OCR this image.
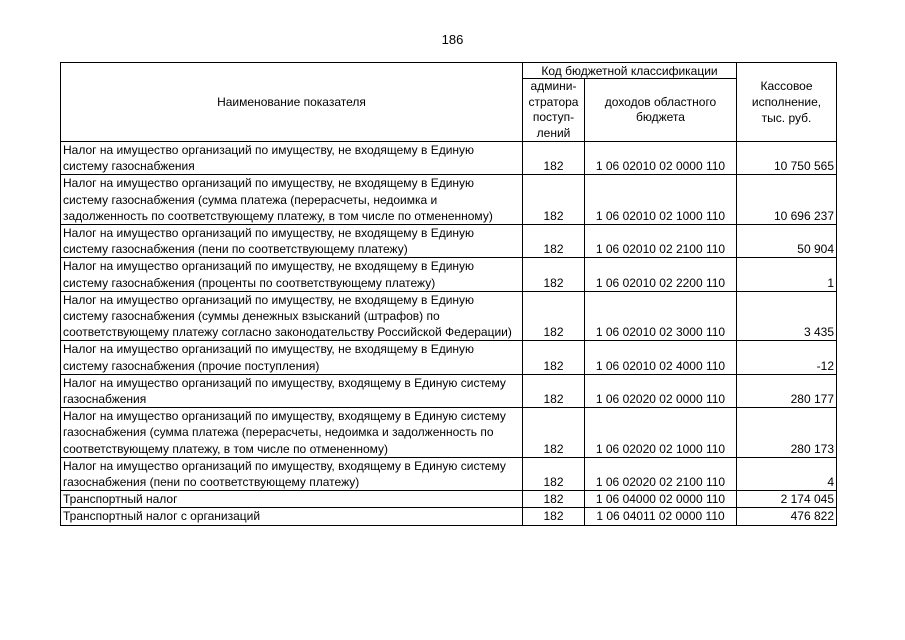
186
Наименование показателя	Код бюджетной классификации		Кассовое исполнение, тыс. руб.
	админи-стратора поступ-лений	доходов областного бюджета	
Налог на имущество организаций по имуществу, не входящему в Единую систему газоснабжения	182	1 06 02010 02 0000 110	10 750 565
Налог на имущество организаций по имуществу, не входящему в Единую систему газоснабжения (сумма платежа (перерасчеты, недоимка и задолженность по соответствующему платежу, в том числе по отмененному)	182	1 06 02010 02 1000 110	10 696 237
Налог на имущество организаций по имуществу, не входящему в Единую систему газоснабжения (пени по соответствующему платежу)	182	1 06 02010 02 2100 110	50 904
Налог на имущество организаций по имуществу, не входящему в Единую систему газоснабжения (проценты по соответствующему платежу)	182	1 06 02010 02 2200 110	1
Налог на имущество организаций по имуществу, не входящему в Единую систему газоснабжения (суммы денежных взысканий (штрафов) по соответствующему платежу согласно законодательству Российской Федерации)	182	1 06 02010 02 3000 110	3 435
Налог на имущество организаций по имуществу, не входящему в Единую систему газоснабжения (прочие поступления)	182	1 06 02010 02 4000 110	-12
Налог на имущество организаций по имуществу, входящему в Единую систему газоснабжения	182	1 06 02020 02 0000 110	280 177
Налог на имущество организаций по имуществу, входящему в Единую систему газоснабжения (сумма платежа (перерасчеты, недоимка и задолженность по соответствующему платежу, в том числе по отмененному)	182	1 06 02020 02 1000 110	280 173
Налог на имущество организаций по имуществу, входящему в Единую систему газоснабжения (пени по соответствующему платежу)	182	1 06 02020 02 2100 110	4
Транспортный налог	182	1 06 04000 02 0000 110	2 174 045
Транспортный налог с организаций	182	1 06 04011 02 0000 110	476 822
